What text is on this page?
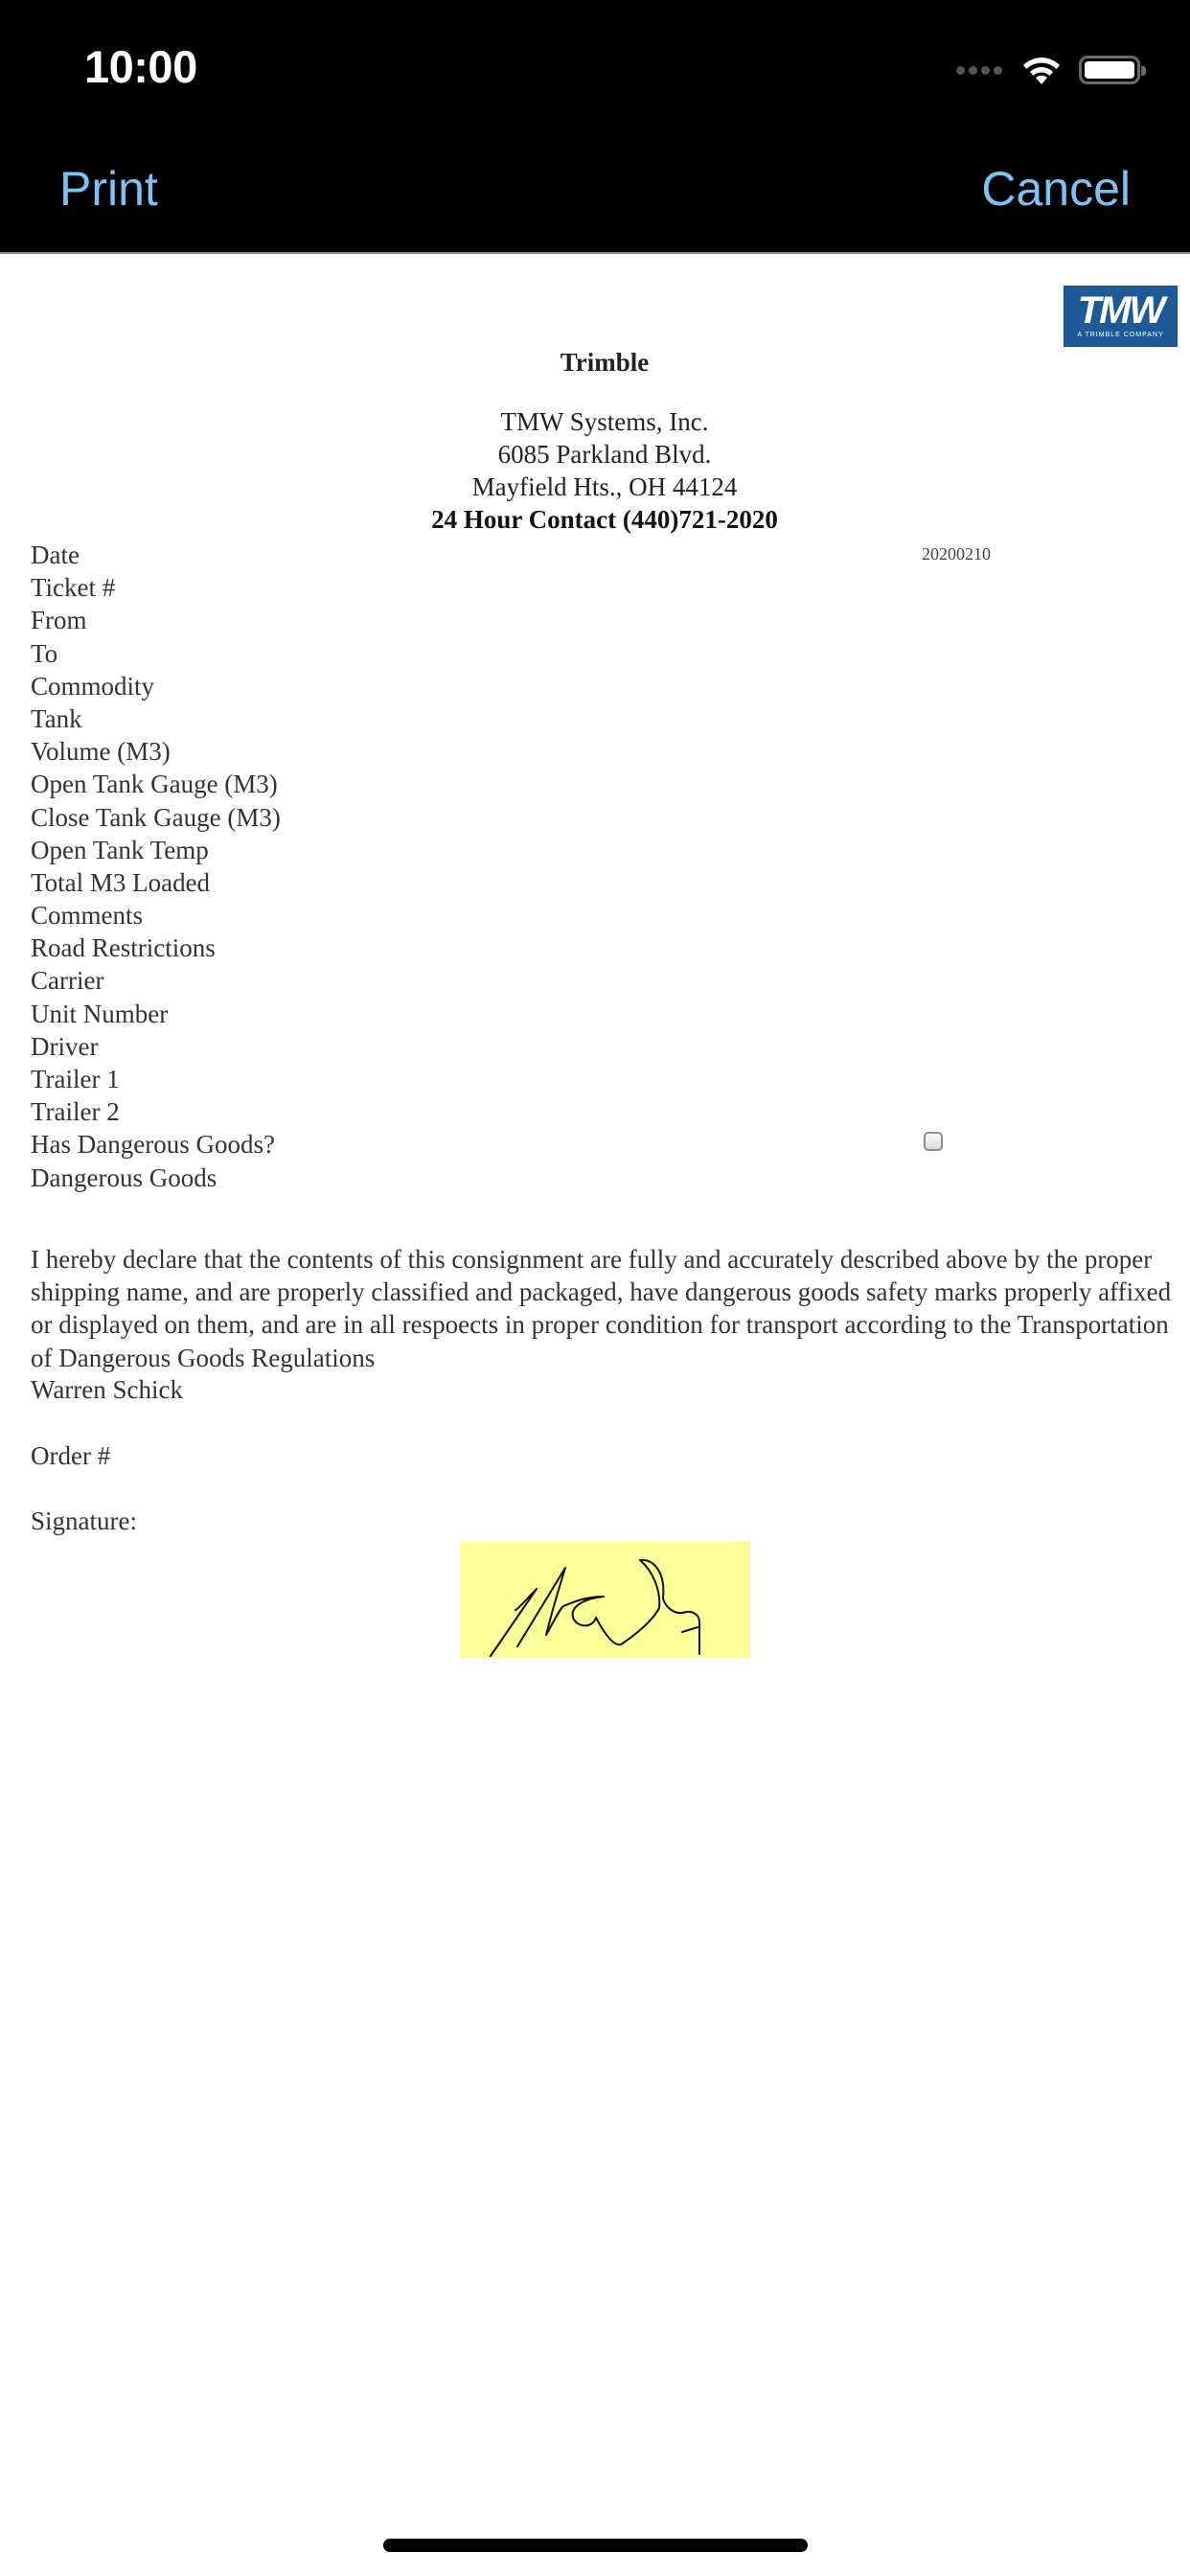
10:00
Print	Cancel
TMW
A TRIMBLE COMPANY
Trimble
TMW Systems, Inc.
6085 Parkland Blvd.
Mayfield Hts., OH 44124
24 Hour Contact (440)721-2020
Date
Ticket #
From
To
Commodity
Tank
Volume (M3)
Open Tank Gauge (M3)
Close Tank Gauge (M3)
Open Tank Temp
Total M3 Loaded
Comments
Road Restrictions
Carrier
Unit Number
Driver
Trailer 1
Trailer 2
Has Dangerous Goods?
Dangerous Goods
20200210
I hereby declare that the contents of this consignment are fully and accurately described above by the proper shipping name, and are properly classified and packaged, have dangerous goods safety marks properly affixed or displayed on them, and are in all respoects in proper condition for transport according to the Transportation of Dangerous Goods Regulations
Warren Schick
Order #
Signature:
